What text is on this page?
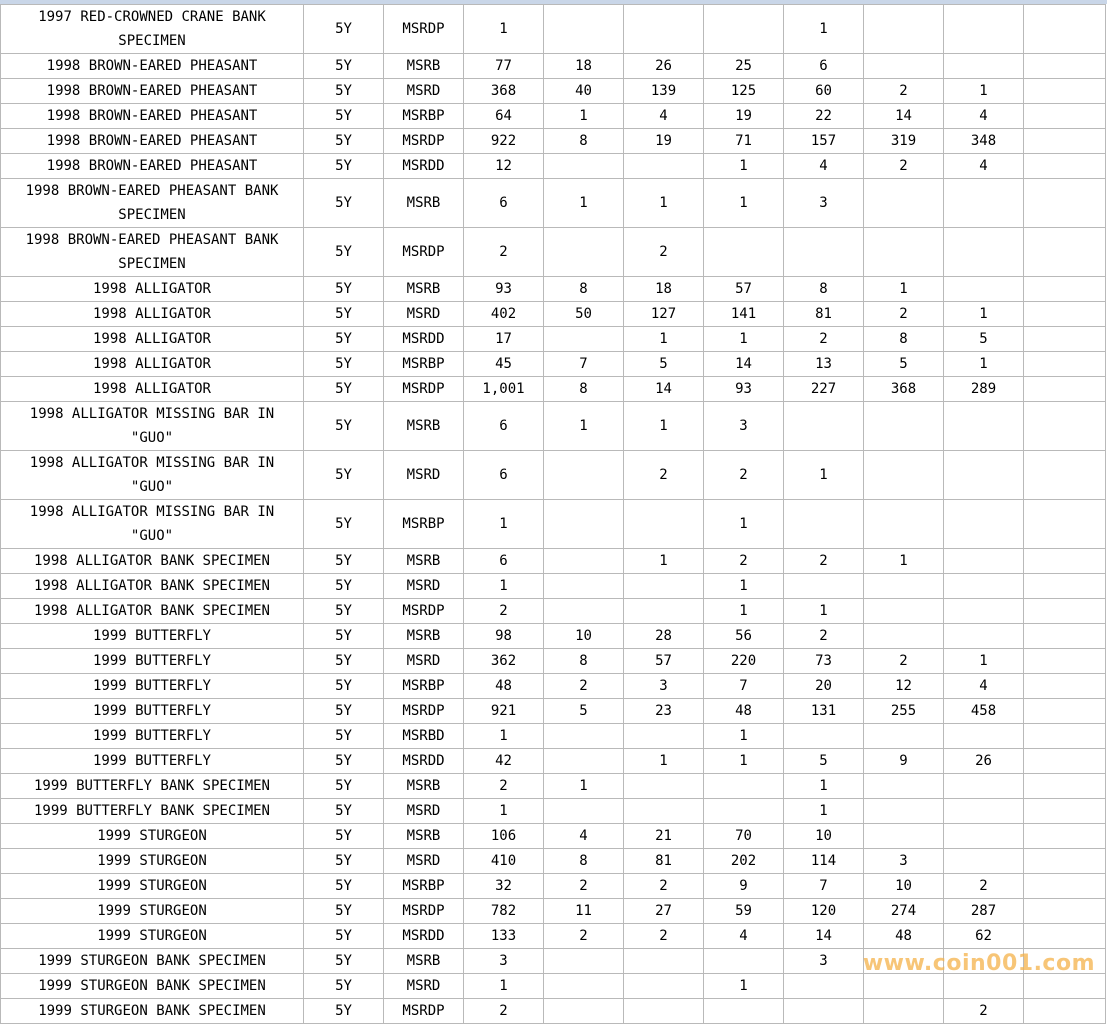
1997 RED-CROWNED CRANE BANK SPECIMEN	5Y	MSRDP	1				1			
1998 BROWN-EARED PHEASANT	5Y	MSRB	77	18	26	25	6			
1998 BROWN-EARED PHEASANT	5Y	MSRD	368	40	139	125	60	2	1	
1998 BROWN-EARED PHEASANT	5Y	MSRBP	64	1	4	19	22	14	4	
1998 BROWN-EARED PHEASANT	5Y	MSRDP	922	8	19	71	157	319	348	
1998 BROWN-EARED PHEASANT	5Y	MSRDD	12			1	4	2	4	
1998 BROWN-EARED PHEASANT BANK SPECIMEN	5Y	MSRB	6	1	1	1	3			
1998 BROWN-EARED PHEASANT BANK SPECIMEN	5Y	MSRDP	2		2					
1998 ALLIGATOR	5Y	MSRB	93	8	18	57	8	1		
1998 ALLIGATOR	5Y	MSRD	402	50	127	141	81	2	1	
1998 ALLIGATOR	5Y	MSRDD	17		1	1	2	8	5	
1998 ALLIGATOR	5Y	MSRBP	45	7	5	14	13	5	1	
1998 ALLIGATOR	5Y	MSRDP	1,001	8	14	93	227	368	289	
1998 ALLIGATOR MISSING BAR IN "GUO"	5Y	MSRB	6	1	1	3				
1998 ALLIGATOR MISSING BAR IN "GUO"	5Y	MSRD	6		2	2	1			
1998 ALLIGATOR MISSING BAR IN "GUO"	5Y	MSRBP	1			1				
1998 ALLIGATOR BANK SPECIMEN	5Y	MSRB	6		1	2	2	1		
1998 ALLIGATOR BANK SPECIMEN	5Y	MSRD	1			1				
1998 ALLIGATOR BANK SPECIMEN	5Y	MSRDP	2			1	1			
1999 BUTTERFLY	5Y	MSRB	98	10	28	56	2			
1999 BUTTERFLY	5Y	MSRD	362	8	57	220	73	2	1	
1999 BUTTERFLY	5Y	MSRBP	48	2	3	7	20	12	4	
1999 BUTTERFLY	5Y	MSRDP	921	5	23	48	131	255	458	
1999 BUTTERFLY	5Y	MSRBD	1			1				
1999 BUTTERFLY	5Y	MSRDD	42		1	1	5	9	26	
1999 BUTTERFLY BANK SPECIMEN	5Y	MSRB	2	1			1			
1999 BUTTERFLY BANK SPECIMEN	5Y	MSRD	1				1			
1999 STURGEON	5Y	MSRB	106	4	21	70	10			
1999 STURGEON	5Y	MSRD	410	8	81	202	114	3		
1999 STURGEON	5Y	MSRBP	32	2	2	9	7	10	2	
1999 STURGEON	5Y	MSRDP	782	11	27	59	120	274	287	
1999 STURGEON	5Y	MSRDD	133	2	2	4	14	48	62	
1999 STURGEON BANK SPECIMEN	5Y	MSRB	3				3			
1999 STURGEON BANK SPECIMEN	5Y	MSRD	1			1				
1999 STURGEON BANK SPECIMEN	5Y	MSRDP	2						2	
www.coin001.com
